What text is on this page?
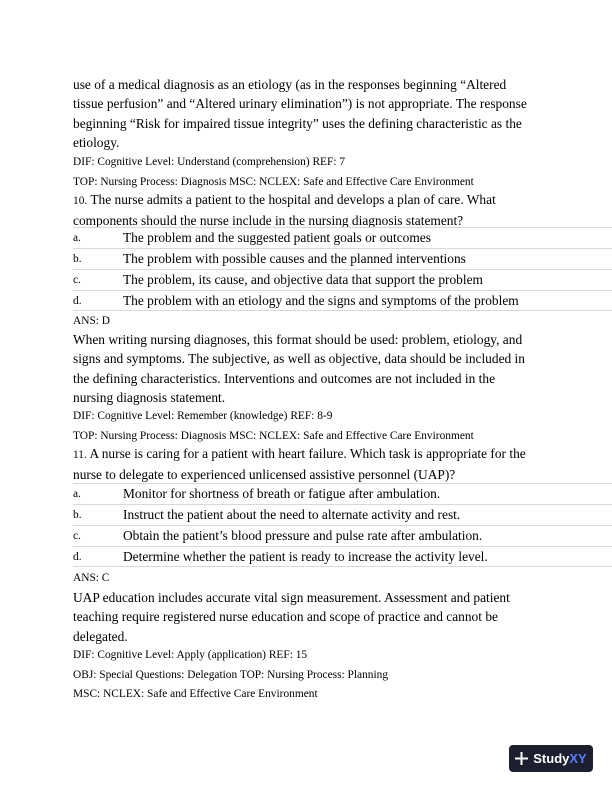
use of a medical diagnosis as an etiology (as in the responses beginning “Altered
tissue perfusion” and “Altered urinary elimination”) is not appropriate. The response
beginning “Risk for impaired tissue integrity” uses the defining characteristic as the
etiology.

DIF: Cognitive Level: Understand (comprehension) REF: 7

TOP: Nursing Process: Diagnosis MSC: NCLEX: Safe and Effective Care Environment

10. The nurse admits a patient to the hospital and develops a plan of care. What
components should the nurse include in the nursing diagnosis statement?

a.	The problem and the suggested patient goals or outcomes
b.	The problem with possible causes and the planned interventions
c.	The problem, its cause, and objective data that support the problem
d.	The problem with an etiology and the signs and symptoms of the problem

ANS: D

When writing nursing diagnoses, this format should be used: problem, etiology, and
signs and symptoms. The subjective, as well as objective, data should be included in
the defining characteristics. Interventions and outcomes are not included in the
nursing diagnosis statement.

DIF: Cognitive Level: Remember (knowledge) REF: 8-9

TOP: Nursing Process: Diagnosis MSC: NCLEX: Safe and Effective Care Environment

11. A nurse is caring for a patient with heart failure. Which task is appropriate for the
nurse to delegate to experienced unlicensed assistive personnel (UAP)?

a.	Monitor for shortness of breath or fatigue after ambulation.
b.	Instruct the patient about the need to alternate activity and rest.
c.	Obtain the patient’s blood pressure and pulse rate after ambulation.
d.	Determine whether the patient is ready to increase the activity level.

ANS: C

UAP education includes accurate vital sign measurement. Assessment and patient
teaching require registered nurse education and scope of practice and cannot be
delegated.

DIF: Cognitive Level: Apply (application) REF: 15

OBJ: Special Questions: Delegation TOP: Nursing Process: Planning

MSC: NCLEX: Safe and Effective Care Environment

StudyXY
